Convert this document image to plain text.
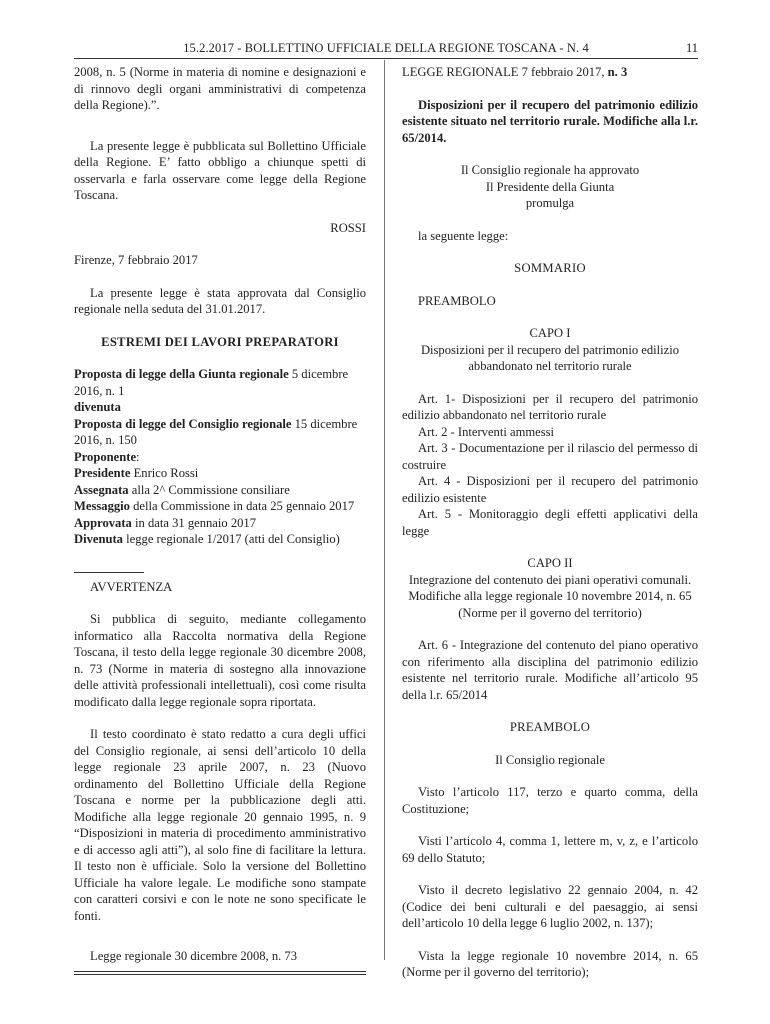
15.2.2017 - BOLLETTINO UFFICIALE DELLA REGIONE TOSCANA - N. 4	11

2008, n. 5 (Norme in materia di nomine e designazioni e di rinnovo degli organi amministrativi di competenza della Regione).”.

La presente legge è pubblicata sul Bollettino Ufficiale della Regione. E’ fatto obbligo a chiunque spetti di osservarla e farla osservare come legge della Regione Toscana.

ROSSI

Firenze, 7 febbraio 2017

La presente legge è stata approvata dal Consiglio regionale nella seduta del 31.01.2017.

ESTREMI DEI LAVORI PREPARATORI

Proposta di legge della Giunta regionale 5 dicembre 2016, n. 1

divenuta

Proposta di legge del Consiglio regionale 15 dicembre 2016, n. 150

Proponente:

Presidente Enrico Rossi

Assegnata alla 2^ Commissione consiliare

Messaggio della Commissione in data 25 gennaio 2017

Approvata in data 31 gennaio 2017

Divenuta legge regionale 1/2017 (atti del Consiglio)

AVVERTENZA

Si pubblica di seguito, mediante collegamento informatico alla Raccolta normativa della Regione Toscana, il testo della legge regionale 30 dicembre 2008, n. 73 (Norme in materia di sostegno alla innovazione delle attività professionali intellettuali), così come risulta modificato dalla legge regionale sopra riportata.

Il testo coordinato è stato redatto a cura degli uffici del Consiglio regionale, ai sensi dell’articolo 10 della legge regionale 23 aprile 2007, n. 23 (Nuovo ordinamento del Bollettino Ufficiale della Regione Toscana e norme per la pubblicazione degli atti. Modifiche alla legge regionale 20 gennaio 1995, n. 9 “Disposizioni in materia di procedimento amministrativo e di accesso agli atti”), al solo fine di facilitare la lettura. Il testo non è ufficiale. Solo la versione del Bollettino Ufficiale ha valore legale. Le modifiche sono stampate con caratteri corsivi e con le note ne sono specificate le fonti.

Legge regionale 30 dicembre 2008, n. 73

LEGGE REGIONALE 7 febbraio 2017, n. 3

Disposizioni per il recupero del patrimonio edilizio esistente situato nel territorio rurale. Modifiche alla l.r. 65/2014.

Il Consiglio regionale ha approvato

Il Presidente della Giunta

promulga

la seguente legge:

SOMMARIO

PREAMBOLO

CAPO I

Disposizioni per il recupero del patrimonio edilizio abbandonato nel territorio rurale

Art. 1- Disposizioni per il recupero del patrimonio edilizio abbandonato nel territorio rurale

Art. 2 - Interventi ammessi

Art. 3 - Documentazione per il rilascio del permesso di costruire

Art. 4 - Disposizioni per il recupero del patrimonio edilizio esistente

Art. 5 - Monitoraggio degli effetti applicativi della legge

CAPO II

Integrazione del contenuto dei piani operativi comunali. Modifiche alla legge regionale 10 novembre 2014, n. 65 (Norme per il governo del territorio)

Art. 6 - Integrazione del contenuto del piano operativo con riferimento alla disciplina del patrimonio edilizio esistente nel territorio rurale. Modifiche all’articolo 95 della l.r. 65/2014

PREAMBOLO

Il Consiglio regionale

Visto l’articolo 117, terzo e quarto comma, della Costituzione;

Visti l’articolo 4, comma 1, lettere m, v, z, e l’articolo 69 dello Statuto;

Visto il decreto legislativo 22 gennaio 2004, n. 42 (Codice dei beni culturali e del paesaggio, ai sensi dell’articolo 10 della legge 6 luglio 2002, n. 137);

Vista la legge regionale 10 novembre 2014, n. 65 (Norme per il governo del territorio);
